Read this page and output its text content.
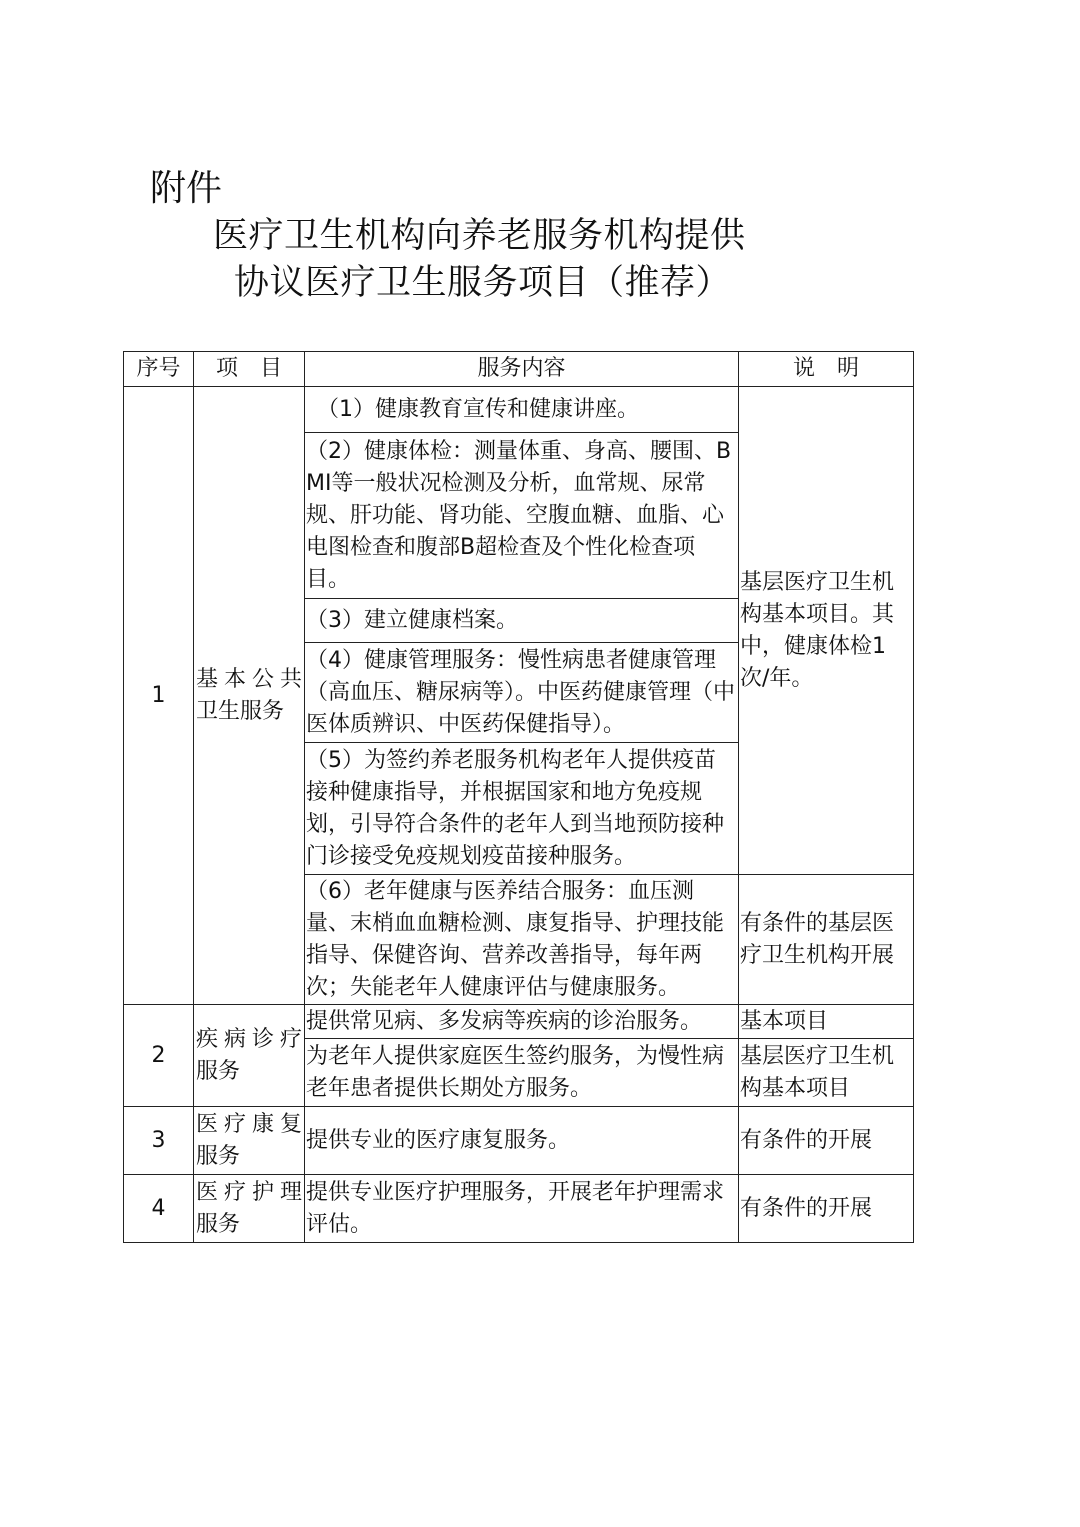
附件
医疗卫生机构向养老服务机构提供
协议医疗卫生服务项目（推荐）
序号	项　目	服务内容	说　明
1	基本公共卫生服务	（1）健康教育宣传和健康讲座。	基层医疗卫生机构基本项目。其中，健康体检1次/年。
		（2）健康体检：测量体重、身高、腰围、BMI等一般状况检测及分析，血常规、尿常规、肝功能、肾功能、空腹血糖、血脂、心电图检查和腹部B超检查及个性化检查项目。	
		（3）建立健康档案。	
		（4）健康管理服务：慢性病患者健康管理（高血压、糖尿病等）。中医药健康管理（中医体质辨识、中医药保健指导）。	
		（5）为签约养老服务机构老年人提供疫苗接种健康指导，并根据国家和地方免疫规划，引导符合条件的老年人到当地预防接种门诊接受免疫规划疫苗接种服务。	
		（6）老年健康与医养结合服务：血压测量、末梢血血糖检测、康复指导、护理技能指导、保健咨询、营养改善指导，每年两次；失能老年人健康评估与健康服务。	有条件的基层医疗卫生机构开展
2	疾病诊疗服务	提供常见病、多发病等疾病的诊治服务。	基本项目
		为老年人提供家庭医生签约服务，为慢性病老年患者提供长期处方服务。	基层医疗卫生机构基本项目
3	医疗康复服务	提供专业的医疗康复服务。	有条件的开展
4	医疗护理服务	提供专业医疗护理服务，开展老年护理需求评估。	有条件的开展
